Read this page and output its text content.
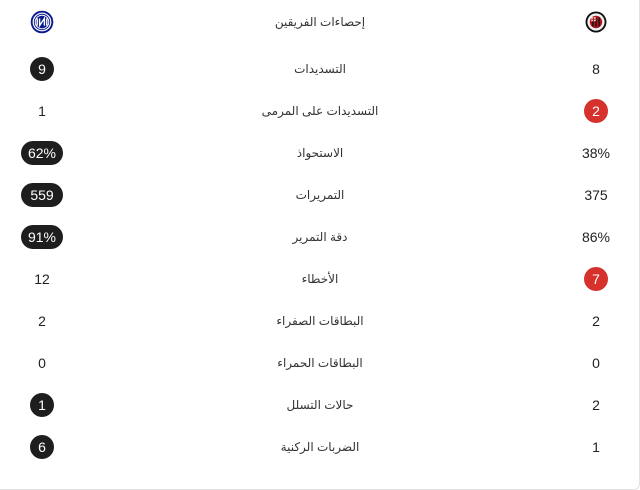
إحصاءات الفريقين
8
التسديدات
9
2
التسديدات على المرمى
1
38%
الاستحواذ
62%
375
التمريرات
559
86%
دقة التمرير
91%
7
الأخطاء
12
2
البطاقات الصفراء
2
0
البطاقات الحمراء
0
2
حالات التسلل
1
1
الضربات الركنية
6
